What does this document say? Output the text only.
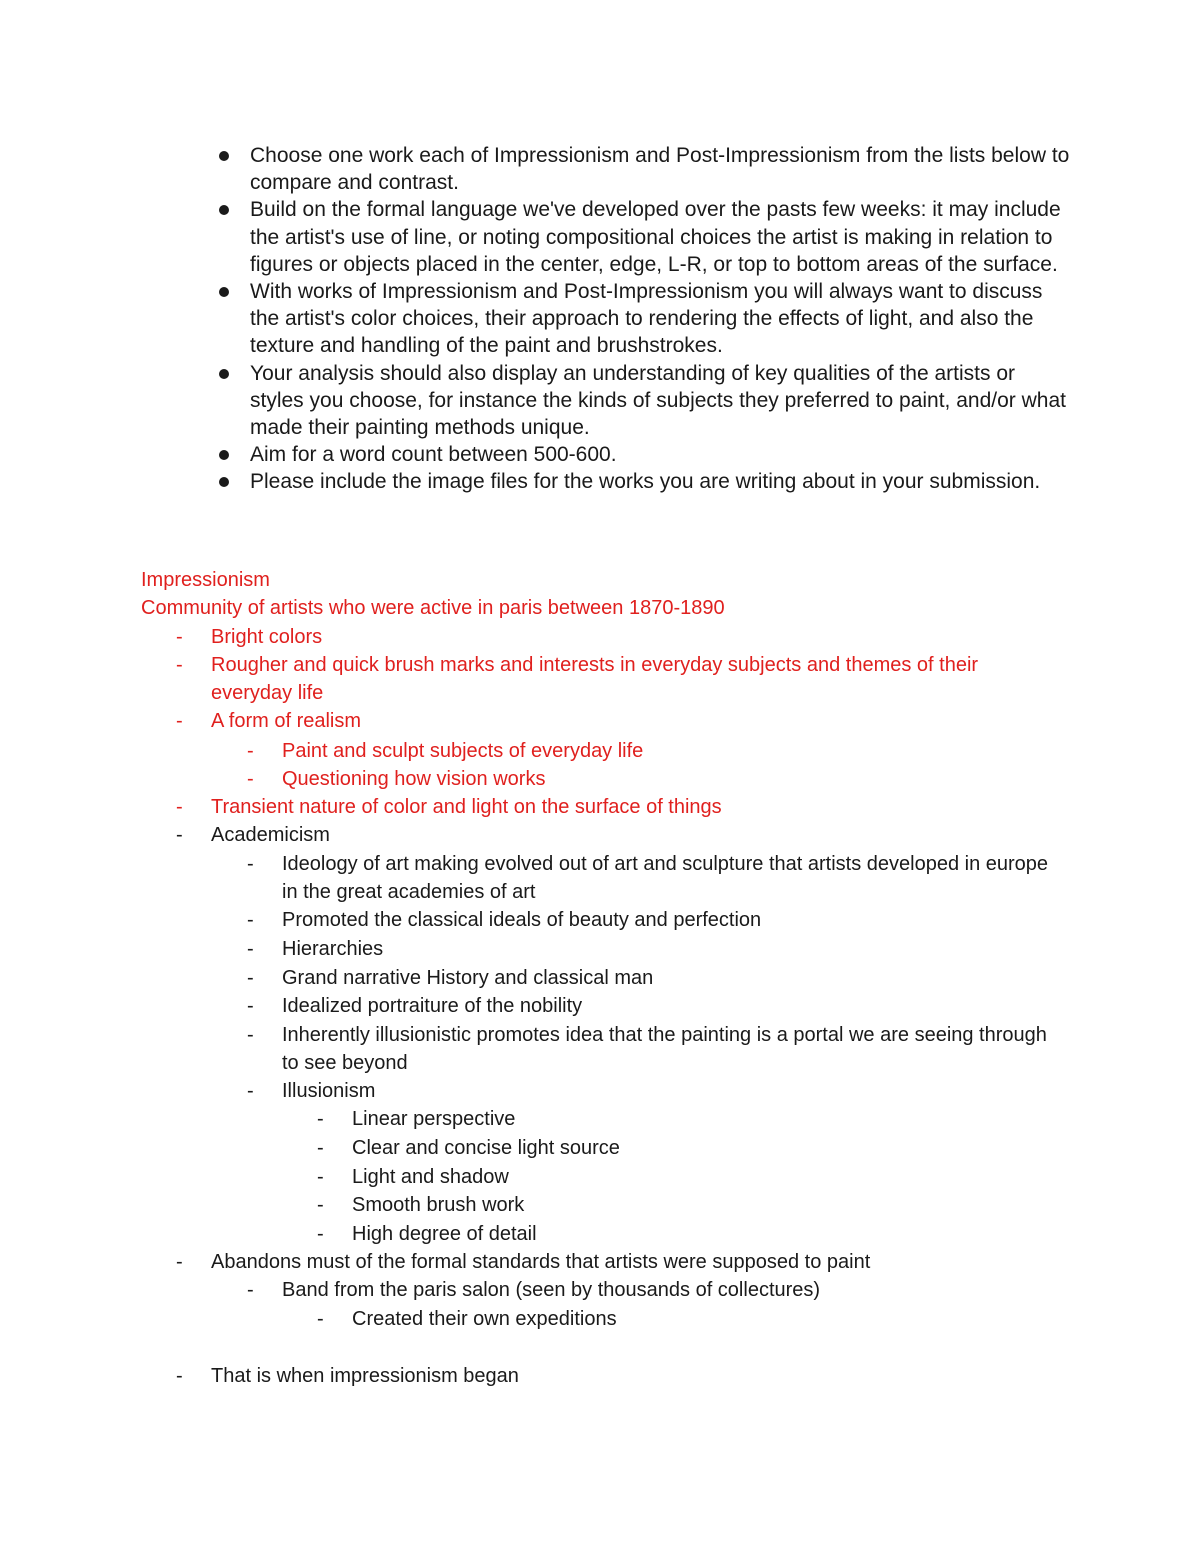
Choose one work each of Impressionism and Post-Impressionism from the lists below to compare and contrast.
Build on the formal language we've developed over the pasts few weeks: it may include the artist's use of line, or noting compositional choices the artist is making in relation to figures or objects placed in the center, edge, L-R, or top to bottom areas of the surface.
With works of Impressionism and Post-Impressionism you will always want to discuss the artist's color choices, their approach to rendering the effects of light, and also the texture and handling of the paint and brushstrokes.
Your analysis should also display an understanding of key qualities of the artists or styles you choose, for instance the kinds of subjects they preferred to paint, and/or what made their painting methods unique.
Aim for a word count between 500-600.
Please include the image files for the works you are writing about in your submission.
Impressionism
Community of artists who were active in paris between 1870-1890
- Bright colors
- Rougher and quick brush marks and interests in everyday subjects and themes of their everyday life
- A form of realism
- Paint and sculpt subjects of everyday life
- Questioning how vision works
- Transient nature of color and light on the surface of things
- Academicism
- Ideology of art making evolved out of art and sculpture that artists developed in europe in the great academies of art
- Promoted the classical ideals of beauty and perfection
- Hierarchies
- Grand narrative History and classical man
- Idealized portraiture of the nobility
- Inherently illusionistic promotes idea that the painting is a portal we are seeing through to see beyond
- Illusionism
- Linear perspective
- Clear and concise light source
- Light and shadow
- Smooth brush work
- High degree of detail
- Abandons must of the formal standards that artists were supposed to paint
- Band from the paris salon (seen by thousands of collectures)
- Created their own expeditions
- That is when impressionism began
